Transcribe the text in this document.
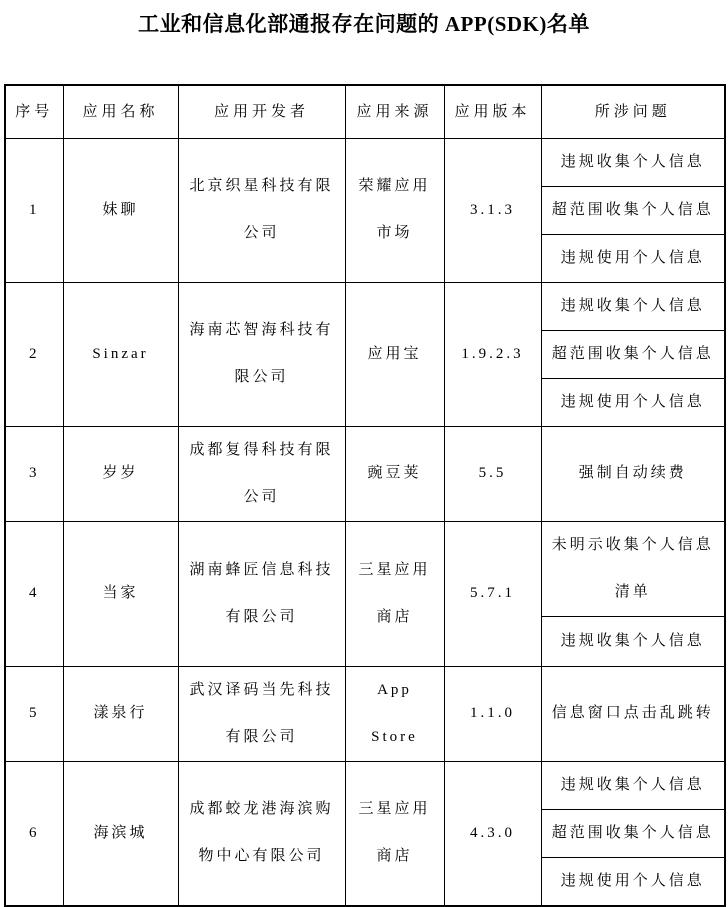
工业和信息化部通报存在问题的 APP(SDK)名单
序号	应用名称	应用开发者	应用来源	应用版本	所涉问题
1	妹聊	北京织星科技有限公司	荣耀应用市场	3.1.3	违规收集个人信息
					超范围收集个人信息
					违规使用个人信息
2	Sinzar	海南芯智海科技有限公司	应用宝	1.9.2.3	违规收集个人信息
					超范围收集个人信息
					违规使用个人信息
3	岁岁	成都复得科技有限公司	豌豆荚	5.5	强制自动续费
4	当家	湖南蜂匠信息科技有限公司	三星应用商店	5.7.1	未明示收集个人信息清单
					违规收集个人信息
5	漾泉行	武汉译码当先科技有限公司	App Store	1.1.0	信息窗口点击乱跳转
6	海滨城	成都蛟龙港海滨购物中心有限公司	三星应用商店	4.3.0	违规收集个人信息
					超范围收集个人信息
					违规使用个人信息
